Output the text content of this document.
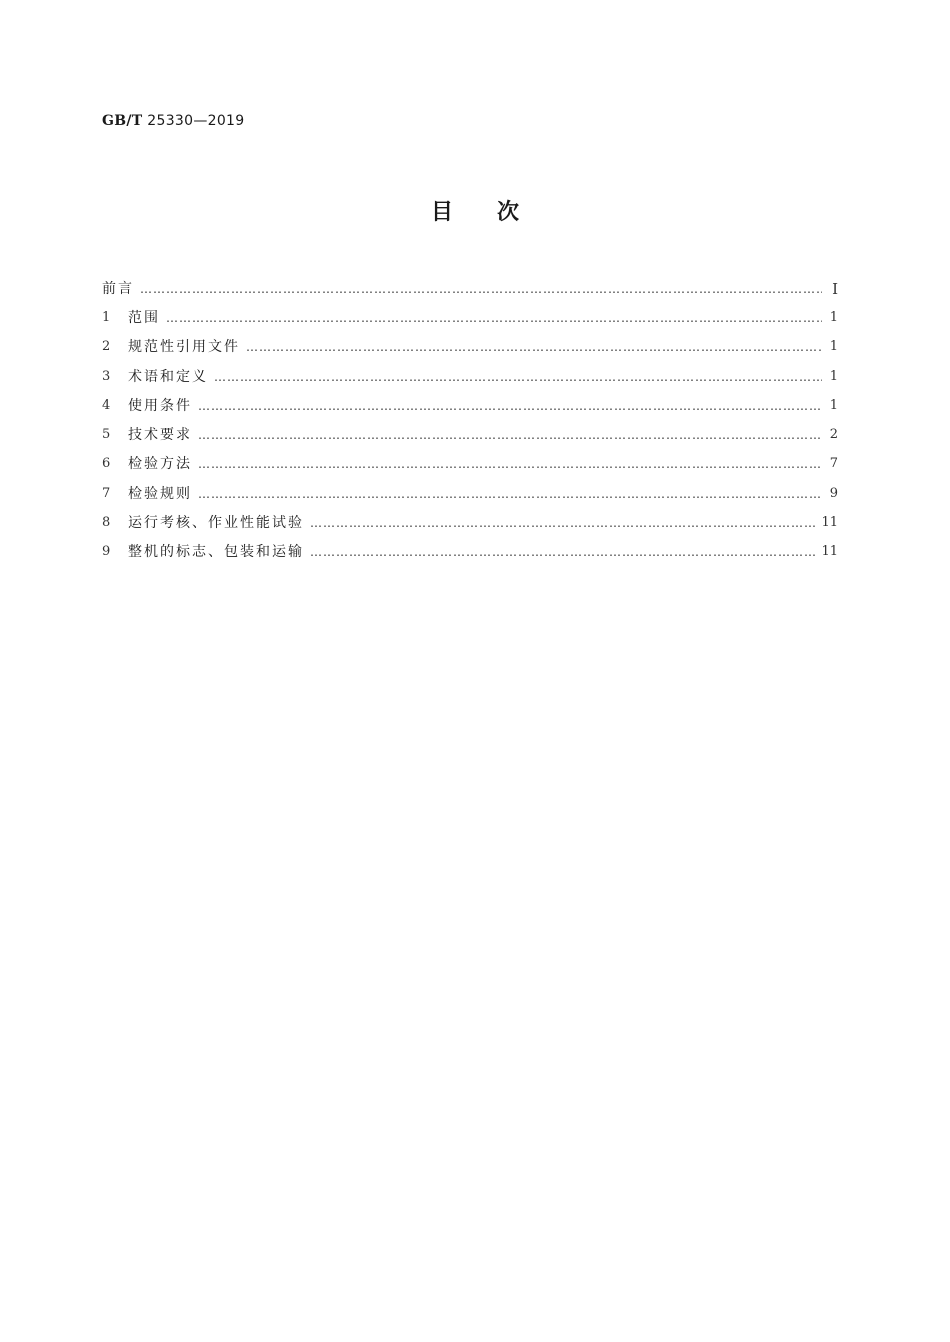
GB/T 25330—2019
目次
前言 …………………………………………………………………………………………………………………………………………………………………………………………………………………………………………………………	Ⅰ
1	范围 …………………………………………………………………………………………………………………………………………………………………………………………………………………………………………………………	1
2	规范性引用文件 …………………………………………………………………………………………………………………………………………………………………………………………………………………………………………………………	1
3	术语和定义 …………………………………………………………………………………………………………………………………………………………………………………………………………………………………………………………	1
4	使用条件 …………………………………………………………………………………………………………………………………………………………………………………………………………………………………………………………	1
5	技术要求 …………………………………………………………………………………………………………………………………………………………………………………………………………………………………………………………	2
6	检验方法 …………………………………………………………………………………………………………………………………………………………………………………………………………………………………………………………	7
7	检验规则 …………………………………………………………………………………………………………………………………………………………………………………………………………………………………………………………	9
8	运行考核、作业性能试验 …………………………………………………………………………………………………………………………………………………………………………………………………………………………………………………………	11
9	整机的标志、包装和运输 …………………………………………………………………………………………………………………………………………………………………………………………………………………………………………………………	11
